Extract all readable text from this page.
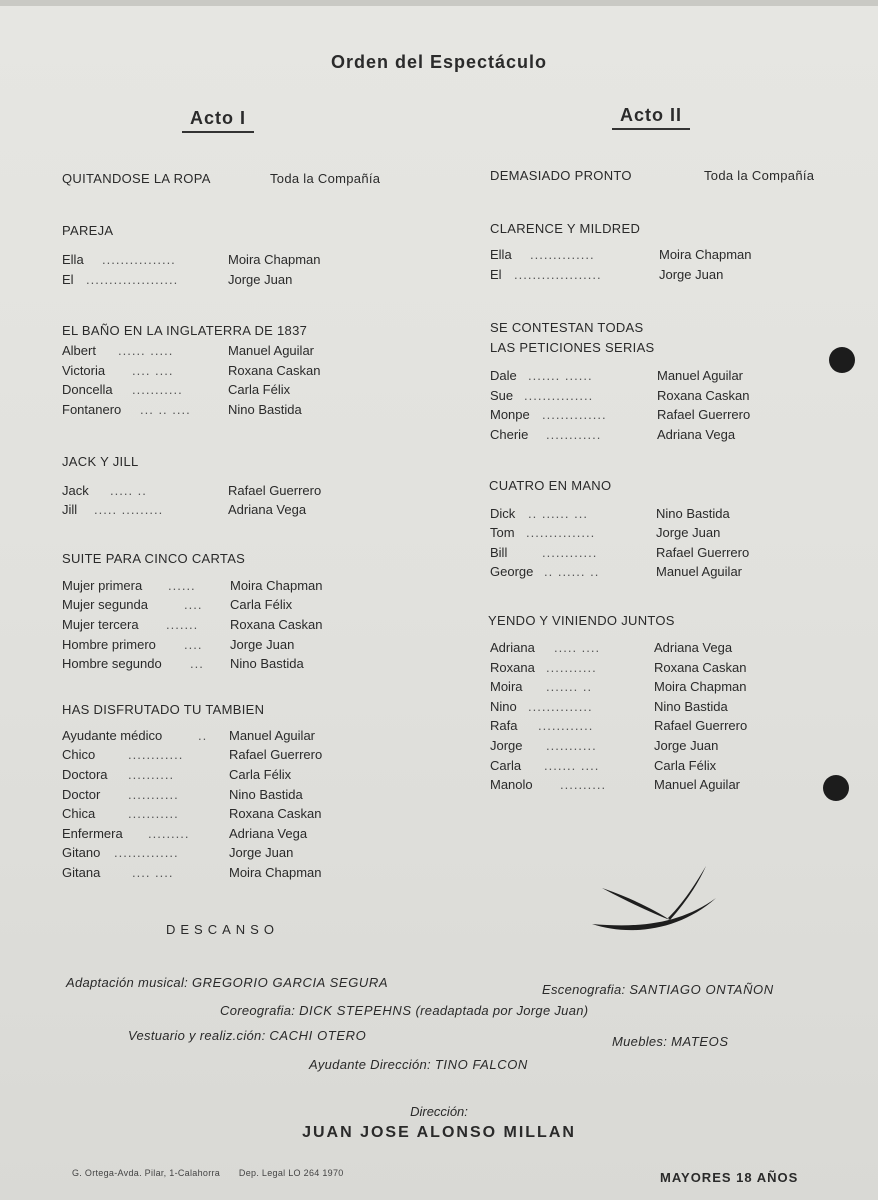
Orden del Espectáculo
Acto I	Acto II
QUITANDOSE LA ROPA	Toda la Compañía
PAREJA
Ella ................	Moira Chapman
El ....................	Jorge Juan
EL BAÑO EN LA INGLATERRA DE 1837
Albert ...... .....	Manuel Aguilar
Victoria .... ....	Roxana Caskan
Doncella ...........	Carla Félix
Fontanero ... .. ....	Nino Bastida
JACK Y JILL
Jack ..... ..	Rafael Guerrero
Jill ..... .........	Adriana Vega
SUITE PARA CINCO CARTAS
Mujer primera ......	Moira Chapman
Mujer segunda	....	Carla Félix
Mujer tercera .......	Roxana Caskan
Hombre primero ....	Jorge Juan
Hombre segundo ...	Nino Bastida
HAS DISFRUTADO TU TAMBIEN
Ayudante médico	..	Manuel Aguilar
Chico	............	Rafael Guerrero
Doctora ..........	Carla Félix
Doctor ...........	Nino Bastida
Chica	...........	Roxana Caskan
Enfermera .........	Adriana Vega
Gitano ..............	Jorge Juan
Gitana .... ....	Moira Chapman
DESCANSO
DEMASIADO PRONTO	Toda la Compañía
CLARENCE Y MILDRED
Ella ..............	Moira Chapman
El ...................	Jorge Juan
SE CONTESTAN TODAS
LAS PETICIONES SERIAS
Dale ....... ......	Manuel Aguilar
Sue ...............	Roxana Caskan
Monpe ..............	Rafael Guerrero
Cherie ............	Adriana Vega
CUATRO EN MANO
Dick .. ...... ...	Nino Bastida
Tom ...............	Jorge Juan
Bill	............	Rafael Guerrero
George .. ...... ..	Manuel Aguilar
YENDO Y VINIENDO JUNTOS
Adriana ..... ....	Adriana Vega
Roxana ...........	Roxana Caskan
Moira ....... ..	Moira Chapman
Nino ..............	Nino Bastida
Rafa ............	Rafael Guerrero
Jorge ...........	Jorge Juan
Carla ....... ....	Carla Félix
Manolo ..........	Manuel Aguilar
Adaptación musical: GREGORIO GARCIA SEGURA	Escenografia: SANTIAGO ONTAÑON
Coreografia: DICK STEPEHNS (readaptada por Jorge Juan)
Vestuario y realiz.ción: CACHI OTERO	Muebles: MATEOS
Ayudante Dirección: TINO FALCON
Dirección:
JUAN JOSE ALONSO MILLAN
G. Ortega-Avda. Pilar, 1-Calahorra Dep. Legal LO 264 1970	MAYORES 18 AÑOS
